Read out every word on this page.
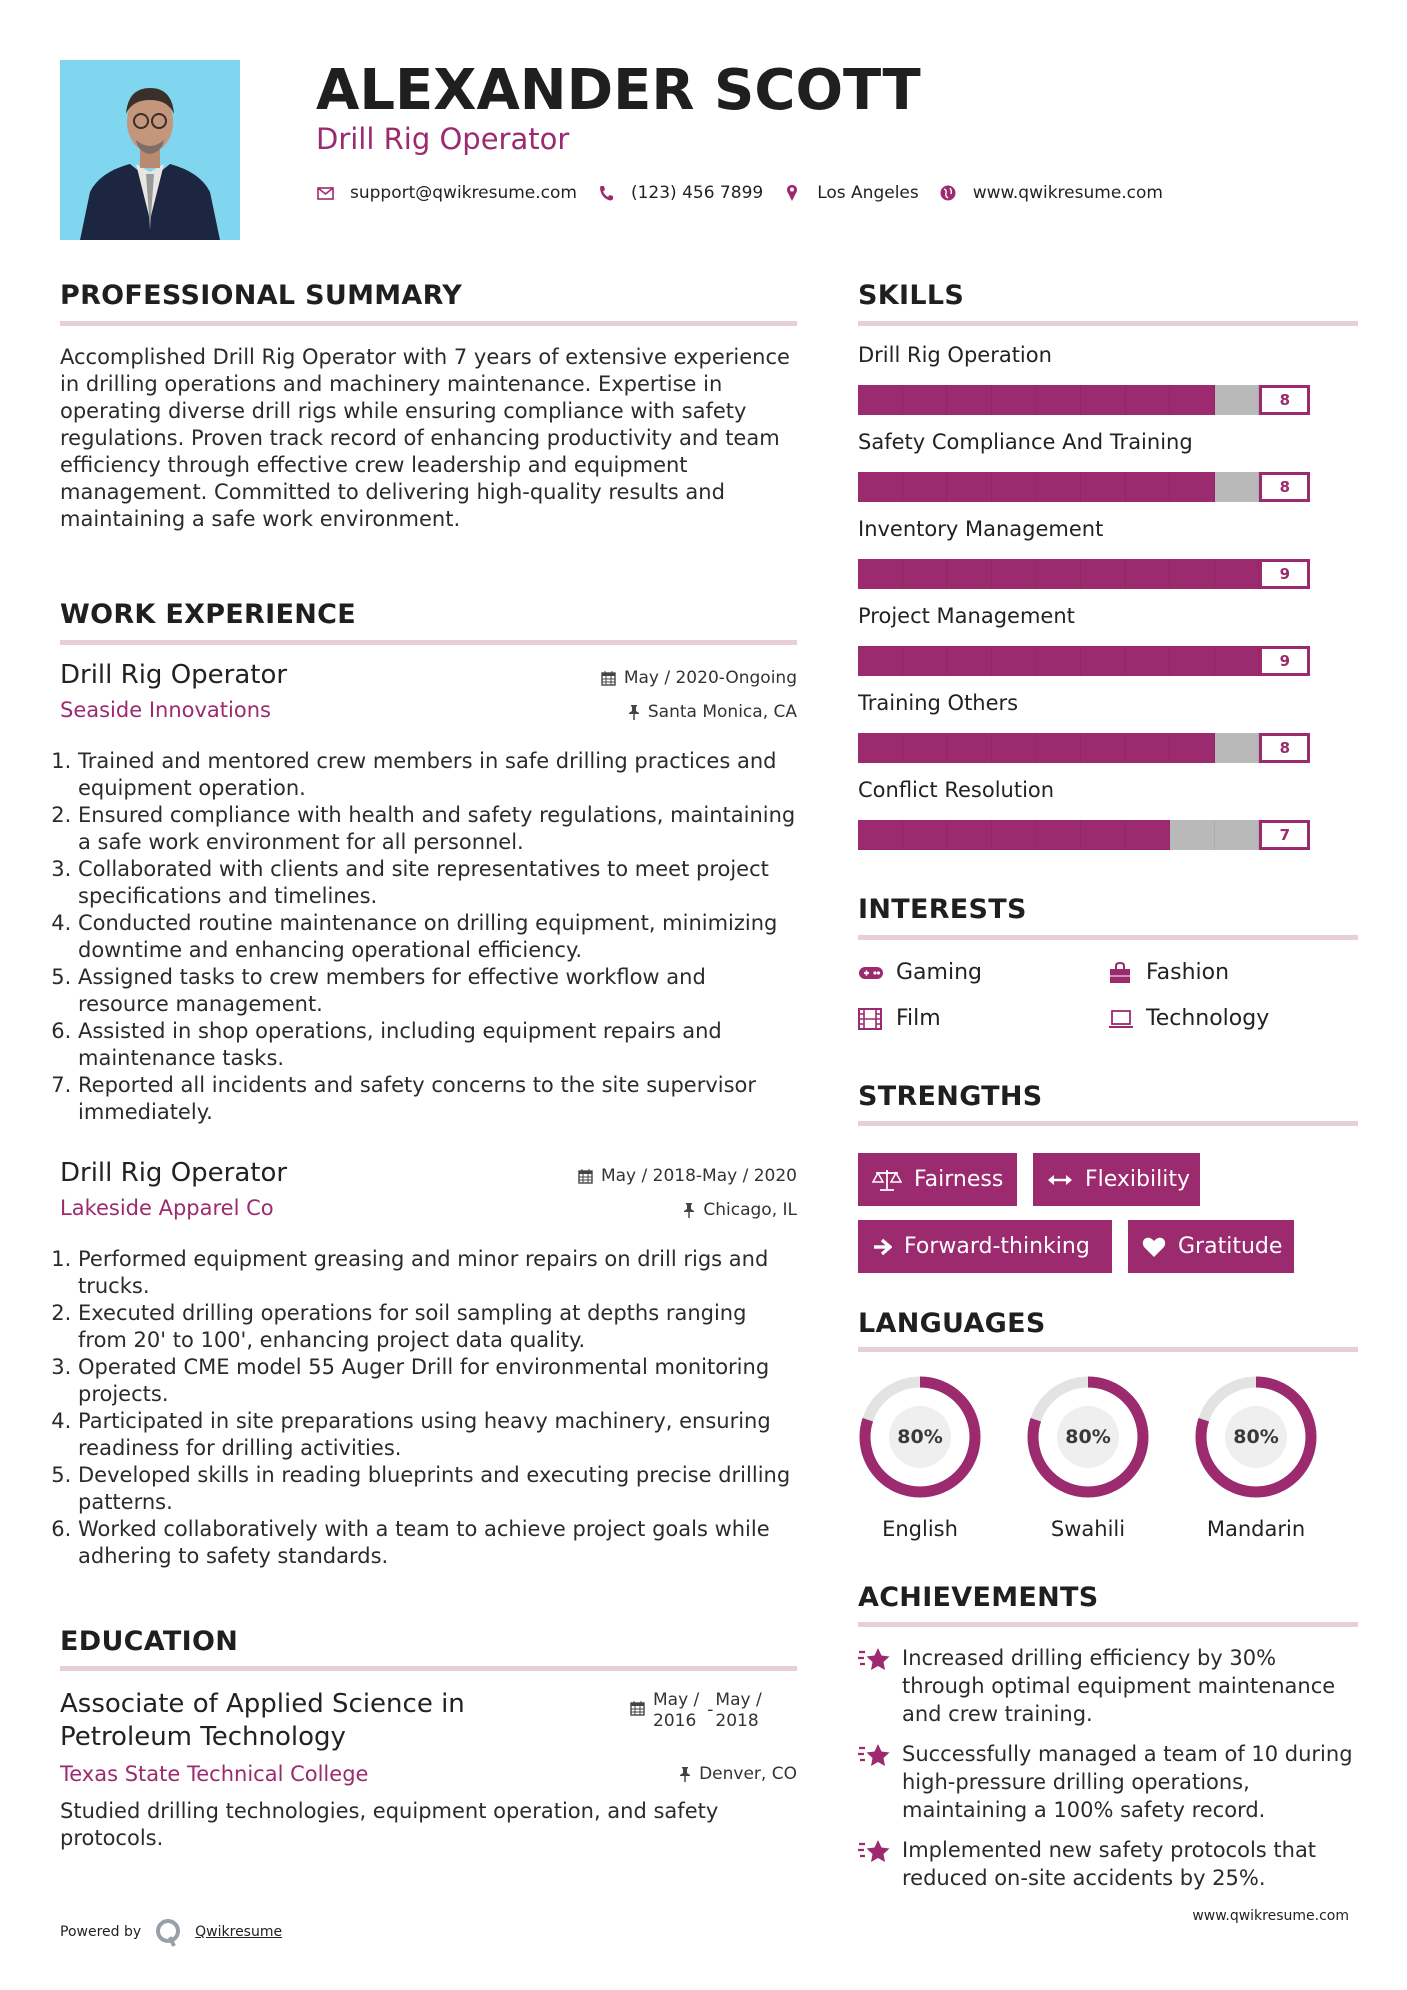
ALEXANDER SCOTT
Drill Rig Operator
support@qwikresume.com	(123) 456 7899	Los Angeles	www.qwikresume.com
PROFESSIONAL SUMMARY
Accomplished Drill Rig Operator with 7 years of extensive experience in drilling operations and machinery maintenance. Expertise in operating diverse drill rigs while ensuring compliance with safety regulations. Proven track record of enhancing productivity and team efficiency through effective crew leadership and equipment management. Committed to delivering high-quality results and maintaining a safe work environment.
WORK EXPERIENCE
Drill Rig Operator	May / 2020-Ongoing
Seaside Innovations	Santa Monica, CA
1. Trained and mentored crew members in safe drilling practices and equipment operation.
2. Ensured compliance with health and safety regulations, maintaining a safe work environment for all personnel.
3. Collaborated with clients and site representatives to meet project specifications and timelines.
4. Conducted routine maintenance on drilling equipment, minimizing downtime and enhancing operational efficiency.
5. Assigned tasks to crew members for effective workflow and resource management.
6. Assisted in shop operations, including equipment repairs and maintenance tasks.
7. Reported all incidents and safety concerns to the site supervisor immediately.
Drill Rig Operator	May / 2018-May / 2020
Lakeside Apparel Co	Chicago, IL
1. Performed equipment greasing and minor repairs on drill rigs and trucks.
2. Executed drilling operations for soil sampling at depths ranging from 20' to 100', enhancing project data quality.
3. Operated CME model 55 Auger Drill for environmental monitoring projects.
4. Participated in site preparations using heavy machinery, ensuring readiness for drilling activities.
5. Developed skills in reading blueprints and executing precise drilling patterns.
6. Worked collaboratively with a team to achieve project goals while adhering to safety standards.
EDUCATION
Associate of Applied Science in
Petroleum Technology
May /
2016
- May /
2018
Texas State Technical College	Denver, CO
Studied drilling technologies, equipment operation, and safety protocols.
SKILLS
Drill Rig Operation
8
Safety Compliance And Training
8
Inventory Management
9
Project Management
9
Training Others
8
Conflict Resolution
7
INTERESTS
Gaming	Fashion
Film	Technology
STRENGTHS
Fairness	Flexibility
Forward-thinking	Gratitude
LANGUAGES
80%
English
80%
Swahili
80%
Mandarin
ACHIEVEMENTS
Increased drilling efficiency by 30% through optimal equipment maintenance and crew training.
Successfully managed a team of 10 during high-pressure drilling operations, maintaining a 100% safety record.
Implemented new safety protocols that reduced on-site accidents by 25%.
Powered by	Qwikresume
www.qwikresume.com
